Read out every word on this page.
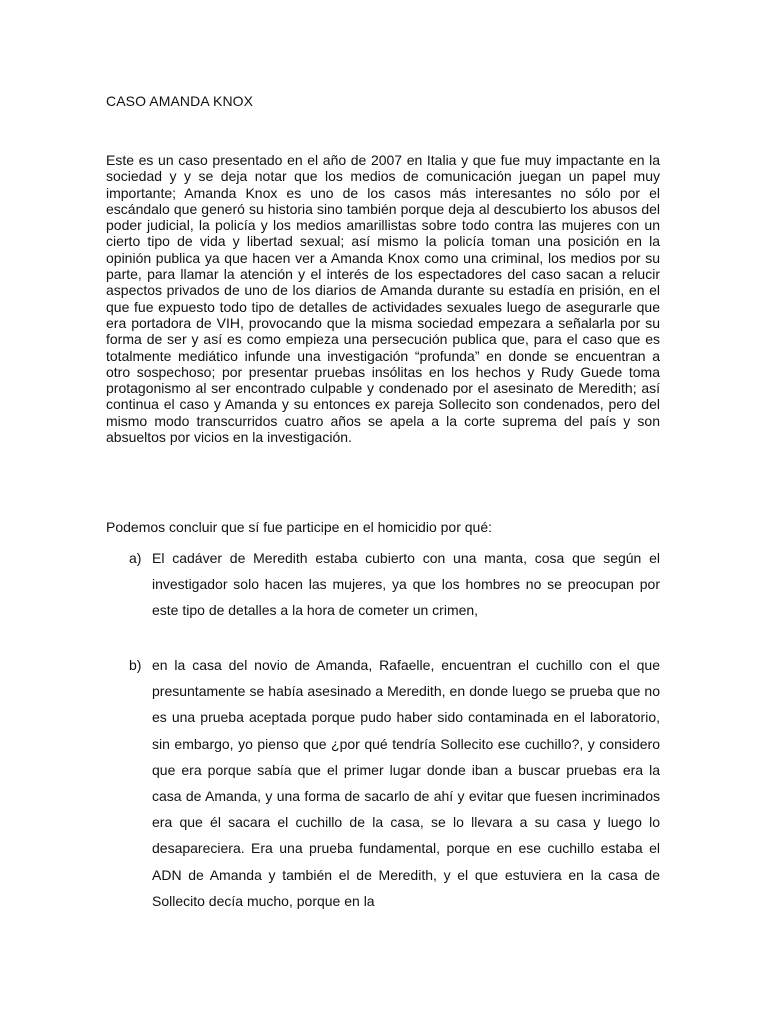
CASO AMANDA KNOX

Este es un caso presentado en el año de 2007 en Italia y que fue muy impactante en la sociedad y y se deja notar que los medios de comunicación juegan un papel muy importante; Amanda Knox es uno de los casos más interesantes no sólo por el escándalo que generó su historia sino también porque deja al descubierto los abusos del poder judicial, la policía y los medios amarillistas sobre todo contra las mujeres con un cierto tipo de vida y libertad sexual; así mismo la policía toman una posición en la opinión publica ya que hacen ver a Amanda Knox como una criminal, los medios por su parte, para llamar la atención y el interés de los espectadores del caso sacan a relucir aspectos privados de uno de los diarios de Amanda durante su estadía en prisión, en el que fue expuesto todo tipo de detalles de actividades sexuales luego de asegurarle que era portadora de VIH, provocando que la misma sociedad empezara a señalarla por su forma de ser y así es como empieza una persecución publica que, para el caso que es totalmente mediático infunde una investigación “profunda” en donde se encuentran a otro sospechoso; por presentar pruebas insólitas en los hechos y Rudy Guede toma protagonismo al ser encontrado culpable y condenado por el asesinato de Meredith; así continua el caso y Amanda y su entonces ex pareja Sollecito son condenados, pero del mismo modo transcurridos cuatro años se apela a la corte suprema del país y son absueltos por vicios en la investigación.

Podemos concluir que sí fue participe en el homicidio por qué:

a) El cadáver de Meredith estaba cubierto con una manta, cosa que según el investigador solo hacen las mujeres, ya que los hombres no se preocupan por este tipo de detalles a la hora de cometer un crimen,
b) en la casa del novio de Amanda, Rafaelle, encuentran el cuchillo con el que presuntamente se había asesinado a Meredith, en donde luego se prueba que no es una prueba aceptada porque pudo haber sido contaminada en el laboratorio, sin embargo, yo pienso que ¿por qué tendría Sollecito ese cuchillo?, y considero que era porque sabía que el primer lugar donde iban a buscar pruebas era la casa de Amanda, y una forma de sacarlo de ahí y evitar que fuesen incriminados era que él sacara el cuchillo de la casa, se lo llevara a su casa y luego lo desapareciera. Era una prueba fundamental, porque en ese cuchillo estaba el ADN de Amanda y también el de Meredith, y el que estuviera en la casa de Sollecito decía mucho, porque en la
